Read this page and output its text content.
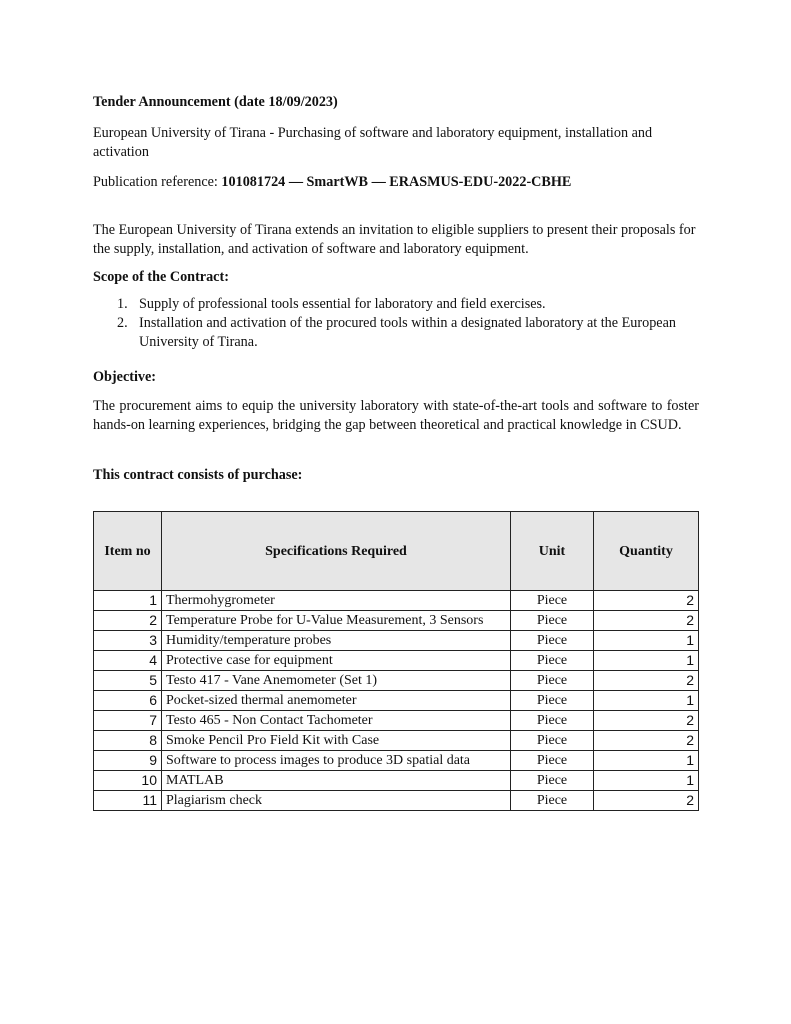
Tender Announcement (date 18/09/2023)

European University of Tirana - Purchasing of software and laboratory equipment, installation and activation

Publication reference: 101081724 — SmartWB — ERASMUS-EDU-2022-CBHE

The European University of Tirana extends an invitation to eligible suppliers to present their proposals for the supply, installation, and activation of software and laboratory equipment.

Scope of the Contract:

1. Supply of professional tools essential for laboratory and field exercises.
2. Installation and activation of the procured tools within a designated laboratory at the European University of Tirana.

Objective:

The procurement aims to equip the university laboratory with state-of-the-art tools and software to foster hands-on learning experiences, bridging the gap between theoretical and practical knowledge in CSUD.

This contract consists of purchase:

Item no	Specifications Required	Unit	Quantity
1	Thermohygrometer	Piece	2
2	Temperature Probe for U-Value Measurement, 3 Sensors	Piece	2
3	Humidity/temperature probes	Piece	1
4	Protective case for equipment	Piece	1
5	Testo 417 - Vane Anemometer (Set 1)	Piece	2
6	Pocket-sized thermal anemometer	Piece	1
7	Testo 465 - Non Contact Tachometer	Piece	2
8	Smoke Pencil Pro Field Kit with Case	Piece	2
9	Software to process images to produce 3D spatial data	Piece	1
10	MATLAB	Piece	1
11	Plagiarism check	Piece	2
